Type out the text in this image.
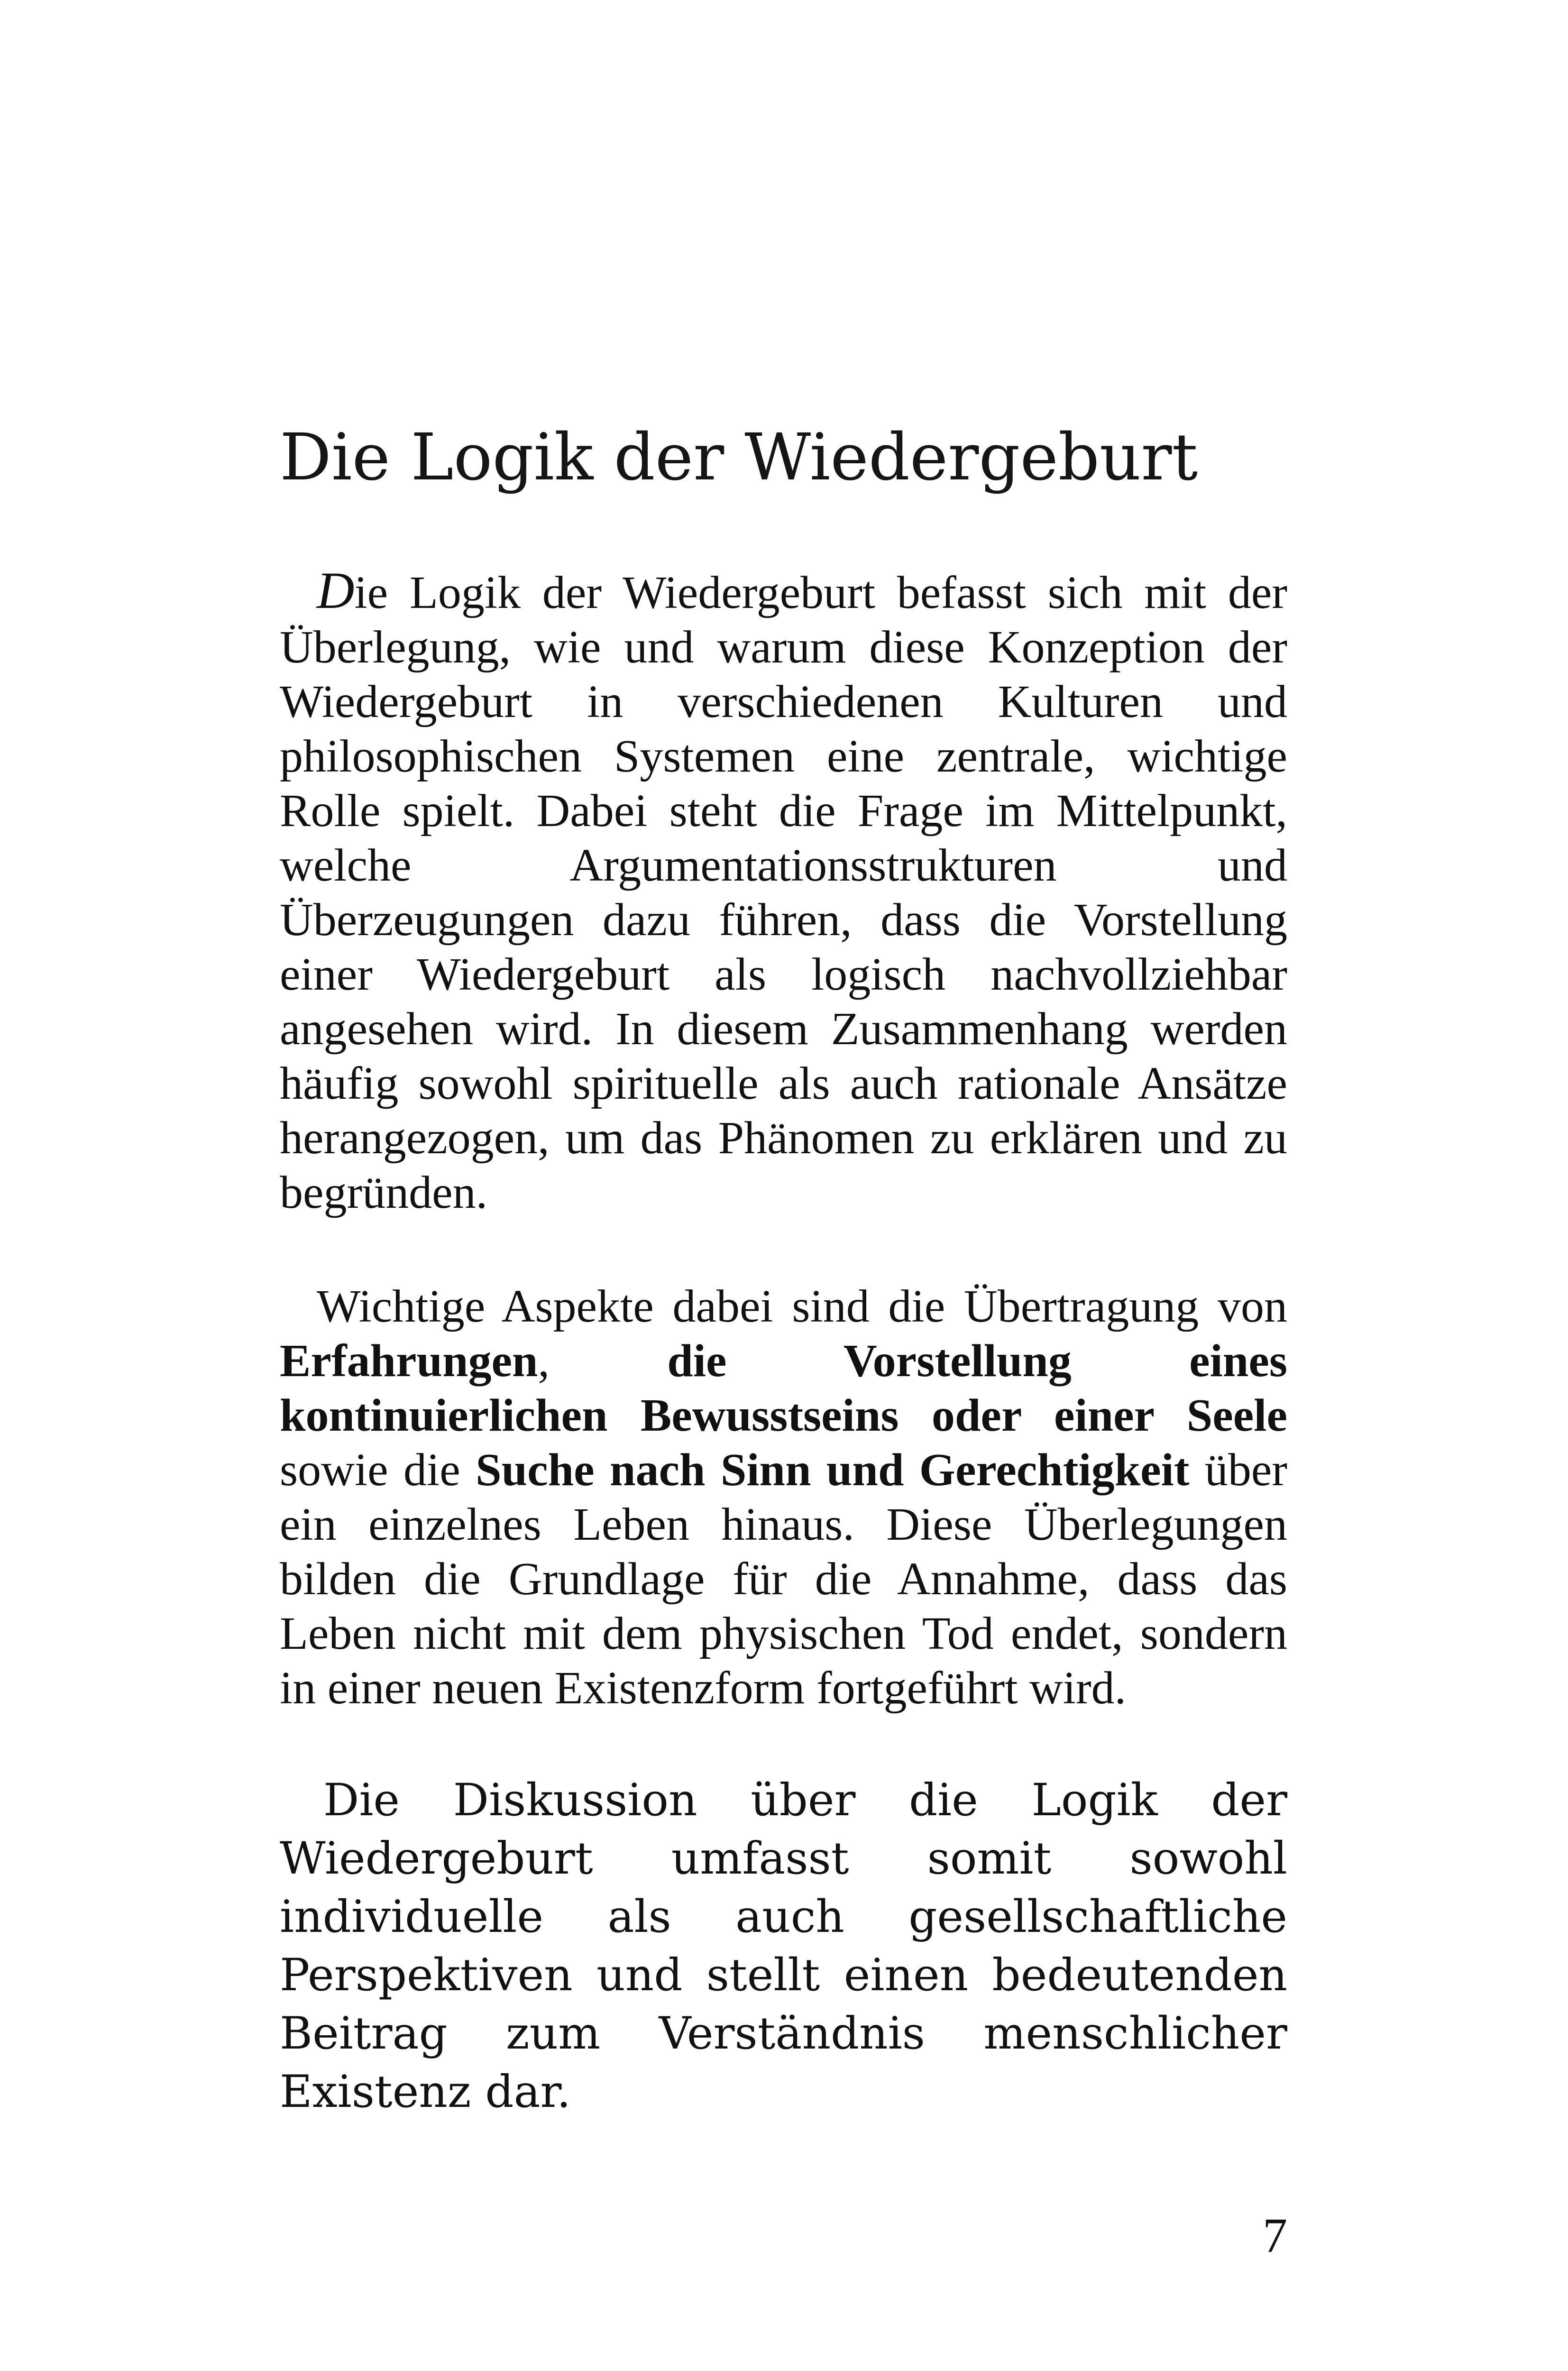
Die Logik der Wiedergeburt

Die Logik der Wiedergeburt befasst sich mit der Überlegung, wie und warum diese Konzeption der Wiedergeburt in verschiedenen Kulturen und philosophischen Systemen eine zentrale, wichtige Rolle spielt. Dabei steht die Frage im Mittelpunkt, welche Argumentationsstrukturen und Überzeugungen dazu führen, dass die Vorstellung einer Wiedergeburt als logisch nachvollziehbar angesehen wird. In diesem Zusammenhang werden häufig sowohl spirituelle als auch rationale Ansätze herangezogen, um das Phänomen zu erklären und zu begründen.

Wichtige Aspekte dabei sind die Übertragung von Erfahrungen, die Vorstellung eines kontinuierlichen Bewusstseins oder einer Seele sowie die Suche nach Sinn und Gerechtigkeit über ein einzelnes Leben hinaus. Diese Überlegungen bilden die Grundlage für die Annahme, dass das Leben nicht mit dem physischen Tod endet, sondern in einer neuen Existenzform fortgeführt wird.

Die Diskussion über die Logik der Wiedergeburt umfasst somit sowohl individuelle als auch gesellschaftliche Perspektiven und stellt einen bedeutenden Beitrag zum Verständnis menschlicher Existenz dar.

7
